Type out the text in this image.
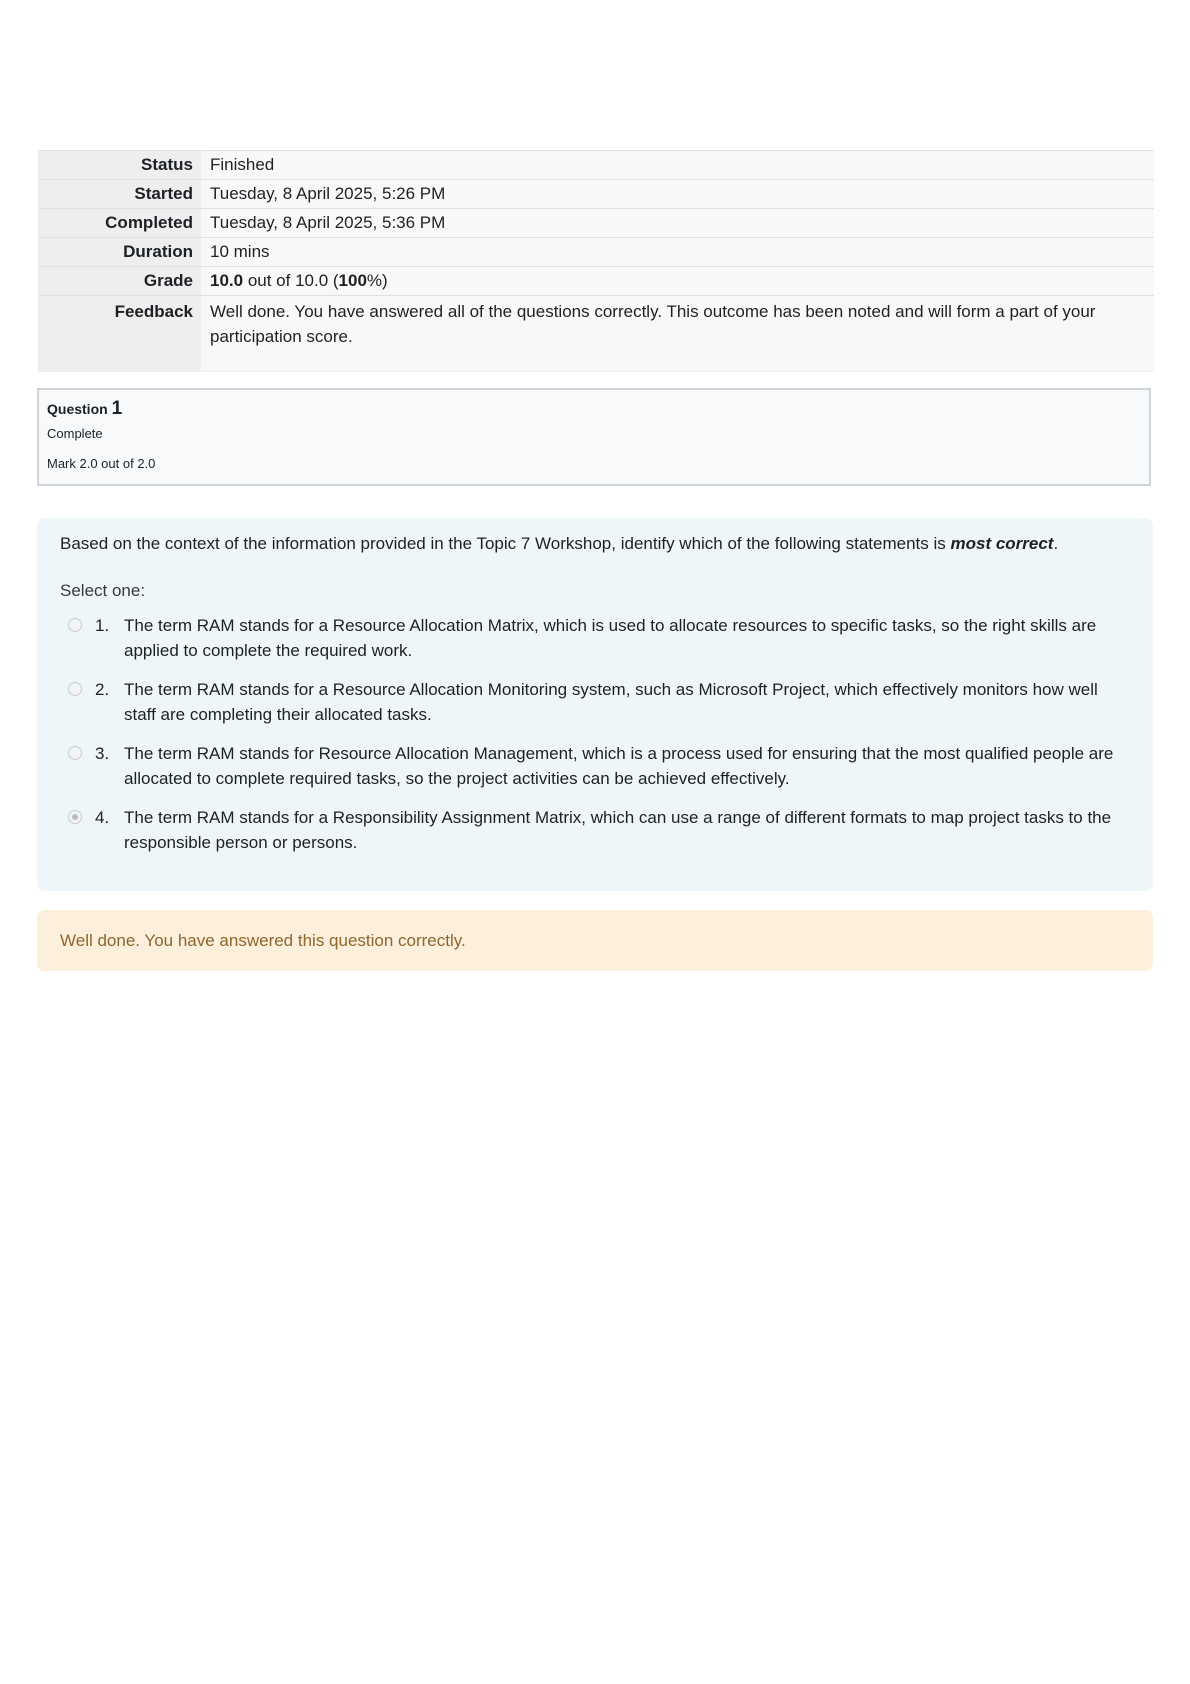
Status	Finished
Started	Tuesday, 8 April 2025, 5:26 PM
Completed	Tuesday, 8 April 2025, 5:36 PM
Duration	10 mins
Grade	10.0 out of 10.0 (100%)
Feedback	Well done. You have answered all of the questions correctly. This outcome has been noted and will form a part of your participation score.
Question 1
Complete
Mark 2.0 out of 2.0

Based on the context of the information provided in the Topic 7 Workshop, identify which of the following statements is most correct.

Select one:
1. The term RAM stands for a Resource Allocation Matrix, which is used to allocate resources to specific tasks, so the right skills are applied to complete the required work.
2. The term RAM stands for a Resource Allocation Monitoring system, such as Microsoft Project, which effectively monitors how well staff are completing their allocated tasks.
3. The term RAM stands for Resource Allocation Management, which is a process used for ensuring that the most qualified people are allocated to complete required tasks, so the project activities can be achieved effectively.
4. The term RAM stands for a Responsibility Assignment Matrix, which can use a range of different formats to map project tasks to the responsible person or persons.
Well done. You have answered this question correctly.
